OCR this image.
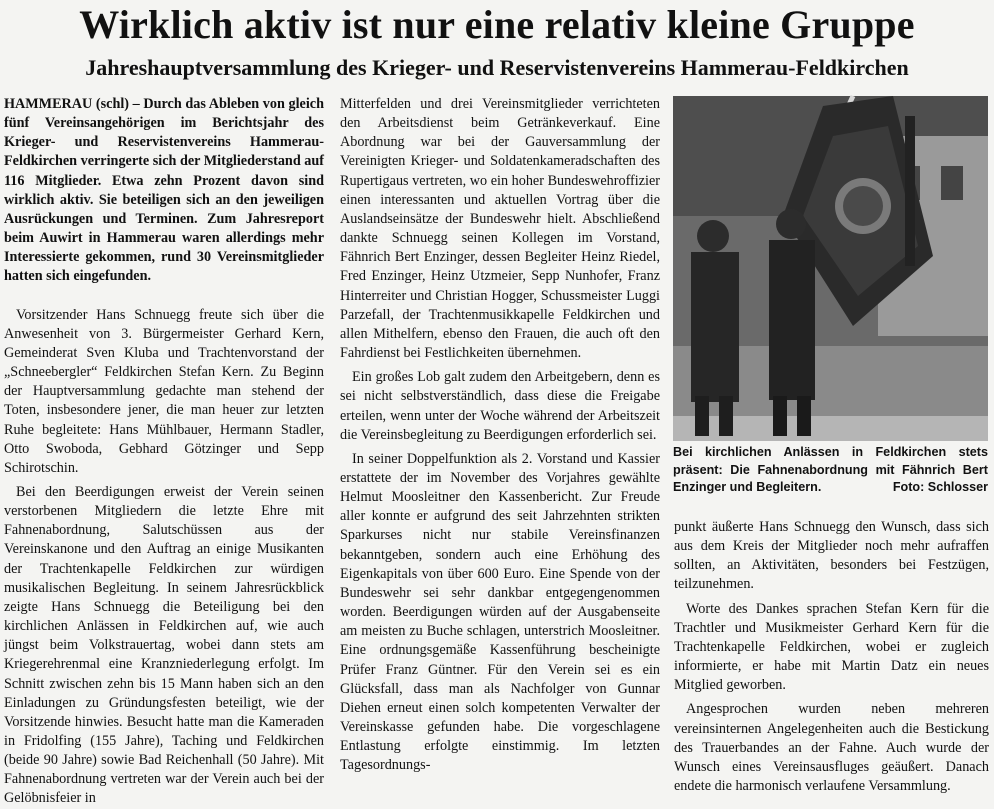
Wirklich aktiv ist nur eine relativ kleine Gruppe
Jahreshauptversammlung des Krieger- und Reservistenvereins Hammerau-Feldkirchen

HAMMERAU (schl) – Durch das Ableben von gleich fünf Vereinsangehörigen im Berichtsjahr des Krieger- und Reservistenvereins Hammerau-Feldkirchen verringerte sich der Mitgliederstand auf 116 Mitglieder. Etwa zehn Prozent davon sind wirklich aktiv. Sie beteiligen sich an den jeweiligen Ausrückungen und Terminen. Zum Jahresreport beim Auwirt in Hammerau waren allerdings mehr Interessierte gekommen, rund 30 Vereinsmitglieder hatten sich eingefunden.

Vorsitzender Hans Schnuegg freute sich über die Anwesenheit von 3. Bürgermeister Gerhard Kern, Gemeinderat Sven Kluba und Trachtenvorstand der „Schneebergler“ Feldkirchen Stefan Kern. Zu Beginn der Hauptversammlung gedachte man stehend der Toten, insbesondere jener, die man heuer zur letzten Ruhe begleitete: Hans Mühlbauer, Hermann Stadler, Otto Swoboda, Gebhard Götzinger und Sepp Schirotschin.

Bei den Beerdigungen erweist der Verein seinen verstorbenen Mitgliedern die letzte Ehre mit Fahnenabordnung, Salutschüssen aus der Vereinskanone und den Auftrag an einige Musikanten der Trachtenkapelle Feldkirchen zur würdigen musikalischen Begleitung. In seinem Jahresrückblick zeigte Hans Schnuegg die Beteiligung bei den kirchlichen Anlässen in Feldkirchen auf, wie auch jüngst beim Volkstrauertag, wobei dann stets am Kriegerehrenmal eine Kranzniederlegung erfolgt. Im Schnitt zwischen zehn bis 15 Mann haben sich an den Einladungen zu Gründungsfesten beteiligt, wie der Vorsitzende hinwies. Besucht hatte man die Kameraden in Fridolfing (155 Jahre), Taching und Feldkirchen (beide 90 Jahre) sowie Bad Reichenhall (50 Jahre). Mit Fahnenabordnung vertreten war der Verein auch bei der Gelöbnisfeier in

Mitterfelden und drei Vereinsmitglieder verrichteten den Arbeitsdienst beim Getränkeverkauf. Eine Abordnung war bei der Gauversammlung der Vereinigten Krieger- und Soldatenkameradschaften des Rupertigaus vertreten, wo ein hoher Bundeswehroffizier einen interessanten und aktuellen Vortrag über die Auslandseinsätze der Bundeswehr hielt. Abschließend dankte Schnuegg seinen Kollegen im Vorstand, Fähnrich Bert Enzinger, dessen Begleiter Heinz Riedel, Fred Enzinger, Heinz Utzmeier, Sepp Nunhofer, Franz Hinterreiter und Christian Hogger, Schussmeister Luggi Parzefall, der Trachtenmusikkapelle Feldkirchen und allen Mithelfern, ebenso den Frauen, die auch oft den Fahrdienst bei Festlichkeiten übernehmen.

Ein großes Lob galt zudem den Arbeitgebern, denn es sei nicht selbstverständlich, dass diese die Freigabe erteilen, wenn unter der Woche während der Arbeitszeit die Vereinsbegleitung zu Beerdigungen erforderlich sei.

In seiner Doppelfunktion als 2. Vorstand und Kassier erstattete der im November des Vorjahres gewählte Helmut Moosleitner den Kassenbericht. Zur Freude aller konnte er aufgrund des seit Jahrzehnten strikten Sparkurses nicht nur stabile Vereinsfinanzen bekanntgeben, sondern auch eine Erhöhung des Eigenkapitals von über 600 Euro. Eine Spende von der Bundeswehr sei sehr dankbar entgegengenommen worden. Beerdigungen würden auf der Ausgabenseite am meisten zu Buche schlagen, unterstrich Moosleitner. Eine ordnungsgemäße Kassenführung bescheinigte Prüfer Franz Güntner. Für den Verein sei es ein Glücksfall, dass man als Nachfolger von Gunnar Diehen erneut einen solch kompetenten Verwalter der Vereinskasse gefunden habe. Die vorgeschlagene Entlastung erfolgte einstimmig. Im letzten Tagesordnungs-

Bei kirchlichen Anlässen in Feldkirchen stets präsent: Die Fahnenabordnung mit Fähnrich Bert Enzinger und Begleitern.	Foto: Schlosser

punkt äußerte Hans Schnuegg den Wunsch, dass sich aus dem Kreis der Mitglieder noch mehr aufraffen sollten, an Aktivitäten, besonders bei Festzügen, teilzunehmen.

Worte des Dankes sprachen Stefan Kern für die Trachtler und Musikmeister Gerhard Kern für die Trachtenkapelle Feldkirchen, wobei er zugleich informierte, er habe mit Martin Datz ein neues Mitglied geworben.

Angesprochen wurden neben mehreren vereinsinternen Angelegenheiten auch die Bestickung des Trauerbandes an der Fahne. Auch wurde der Wunsch eines Vereinsausfluges geäußert. Danach endete die harmonisch verlaufene Versammlung.
